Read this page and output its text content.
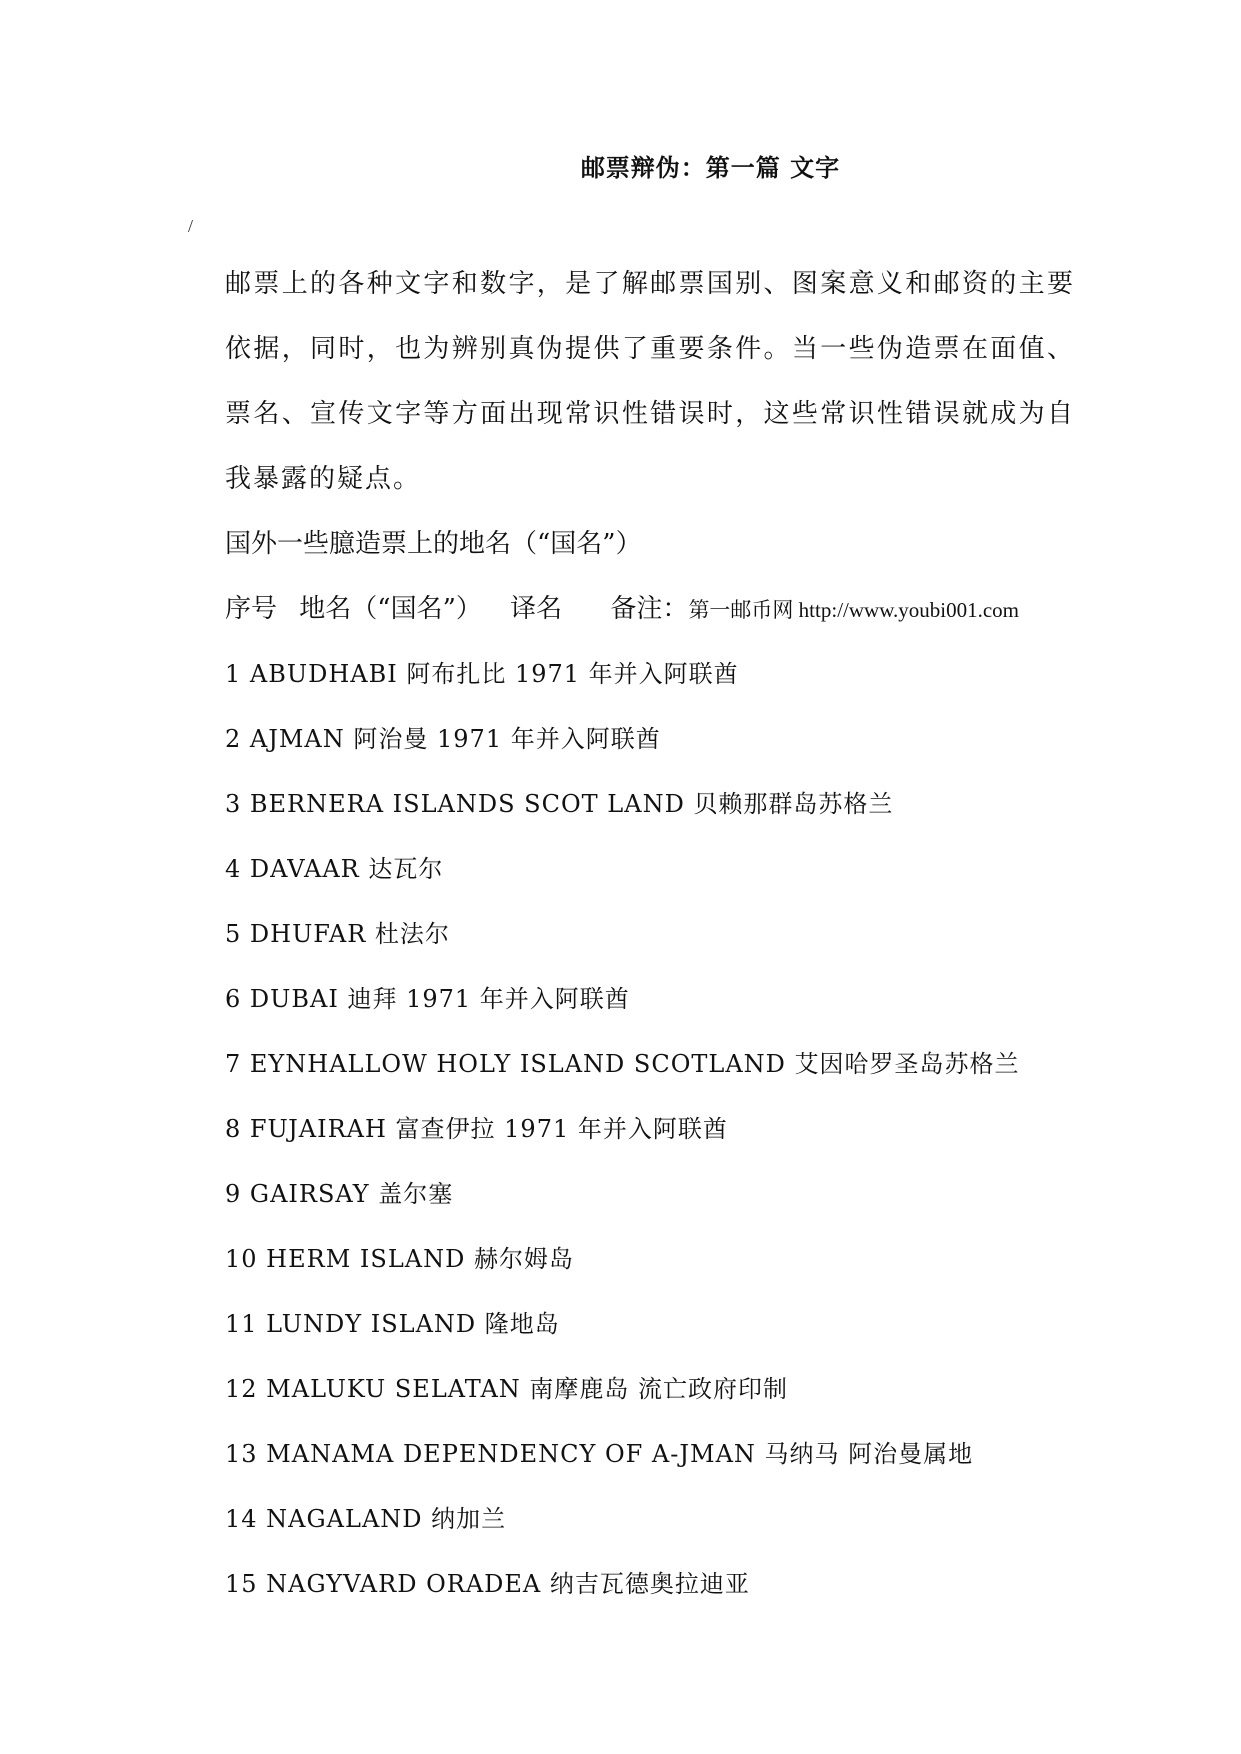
邮票辩伪：第一篇 文字
/

邮票上的各种文字和数字，是了解邮票国别、图案意义和邮资的主要依据，同时，也为辨别真伪提供了重要条件。当一些伪造票在面值、票名、宣传文字等方面出现常识性错误时，这些常识性错误就成为自我暴露的疑点。

国外一些臆造票上的地名（“国名”）
序号 地名（“国名”） 译名 备注：第一邮币网 http://www.youbi001.com
1 ABUDHABI 阿布扎比 1971 年并入阿联酋
2 AJMAN 阿治曼 1971 年并入阿联酋
3 BERNERA ISLANDS SCOT LAND 贝赖那群岛苏格兰
4 DAVAAR 达瓦尔
5 DHUFAR 杜法尔
6 DUBAI 迪拜 1971 年并入阿联酋
7 EYNHALLOW HOLY ISLAND SCOTLAND 艾因哈罗圣岛苏格兰
8 FUJAIRAH 富查伊拉 1971 年并入阿联酋
9 GAIRSAY 盖尔塞
10 HERM ISLAND 赫尔姆岛
11 LUNDY ISLAND 隆地岛
12 MALUKU SELATAN 南摩鹿岛 流亡政府印制
13 MANAMA DEPENDENCY OF A-JMAN 马纳马 阿治曼属地
14 NAGALAND 纳加兰
15 NAGYVARD ORADEA 纳吉瓦德奥拉迪亚
